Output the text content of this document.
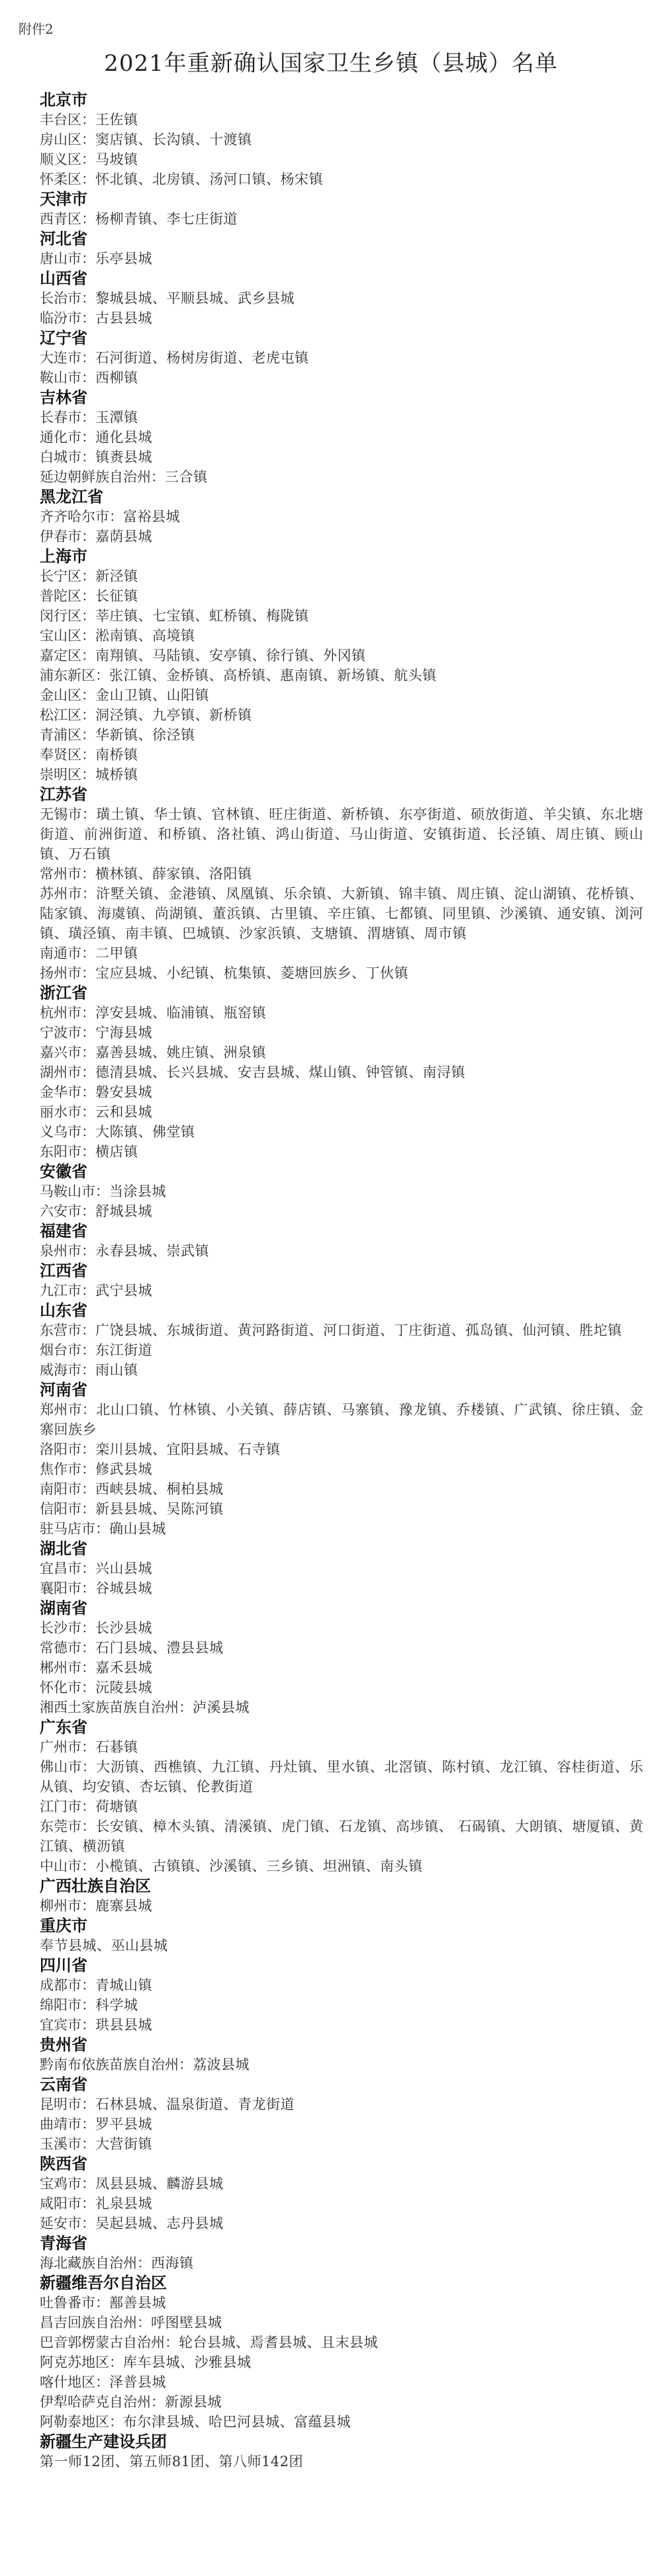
附件2
2021年重新确认国家卫生乡镇（县城）名单
北京市
丰台区： 王佐镇
房山区： 窦店镇、长沟镇、十渡镇
顺义区： 马坡镇
怀柔区： 怀北镇、北房镇、汤河口镇、杨宋镇
天津市
西青区： 杨柳青镇、李七庄街道
河北省
唐山市： 乐亭县城
山西省
长治市： 黎城县城、平顺县城、武乡县城
临汾市： 古县县城
辽宁省
大连市： 石河街道、杨树房街道、老虎屯镇
鞍山市： 西柳镇
吉林省
长春市： 玉潭镇
通化市： 通化县城
白城市： 镇赉县城
延边朝鲜族自治州： 三合镇
黑龙江省
齐齐哈尔市： 富裕县城
伊春市： 嘉荫县城
上海市
长宁区： 新泾镇
普陀区： 长征镇
闵行区： 莘庄镇、七宝镇、虹桥镇、梅陇镇
宝山区： 淞南镇、高境镇
嘉定区： 南翔镇、马陆镇、安亭镇、徐行镇、外冈镇
浦东新区： 张江镇、金桥镇、高桥镇、惠南镇、新场镇、航头镇
金山区： 金山卫镇、山阳镇
松江区： 洞泾镇、九亭镇、新桥镇
青浦区： 华新镇、徐泾镇
奉贤区： 南桥镇
崇明区： 城桥镇
江苏省
无锡市：璜土镇、华士镇、官林镇、旺庄街道、新桥镇、东亭街道、硕放街道、羊尖镇、东北塘街道、前洲街道、和桥镇、洛社镇、鸿山街道、马山街道、安镇街道、长泾镇、周庄镇、顾山镇、万石镇
常州市： 横林镇、薛家镇、洛阳镇
苏州市：浒墅关镇、金港镇、凤凰镇、乐余镇、大新镇、锦丰镇、周庄镇、淀山湖镇、花桥镇、陆家镇、海虞镇、尚湖镇、董浜镇、古里镇、辛庄镇、七都镇、同里镇、沙溪镇、通安镇、浏河镇、璜泾镇、南丰镇、巴城镇、沙家浜镇、支塘镇、渭塘镇、周市镇
南通市： 二甲镇
扬州市： 宝应县城、小纪镇、杭集镇、菱塘回族乡、丁伙镇
浙江省
杭州市： 淳安县城、临浦镇、瓶窑镇
宁波市： 宁海县城
嘉兴市： 嘉善县城、姚庄镇、洲泉镇
湖州市： 德清县城、长兴县城、安吉县城、煤山镇、钟管镇、南浔镇
金华市： 磐安县城
丽水市： 云和县城
义乌市： 大陈镇、佛堂镇
东阳市： 横店镇
安徽省
马鞍山市： 当涂县城
六安市： 舒城县城
福建省
泉州市： 永春县城、崇武镇
江西省
九江市： 武宁县城
山东省
东营市： 广饶县城、东城街道、黄河路街道、河口街道、丁庄街道、孤岛镇、仙河镇、胜坨镇
烟台市： 东江街道
威海市： 雨山镇
河南省
郑州市：北山口镇、竹林镇、小关镇、薛店镇、马寨镇、豫龙镇、乔楼镇、广武镇、徐庄镇、金寨回族乡
洛阳市： 栾川县城、宜阳县城、石寺镇
焦作市： 修武县城
南阳市： 西峡县城、桐柏县城
信阳市： 新县县城、吴陈河镇
驻马店市： 确山县城
湖北省
宜昌市： 兴山县城
襄阳市： 谷城县城
湖南省
长沙市： 长沙县城
常德市： 石门县城、澧县县城
郴州市： 嘉禾县城
怀化市： 沅陵县城
湘西土家族苗族自治州： 泸溪县城
广东省
广州市： 石碁镇
佛山市：大沥镇、西樵镇、九江镇、丹灶镇、里水镇、北滘镇、陈村镇、龙江镇、容桂街道、乐从镇、均安镇、杏坛镇、伦教街道
江门市： 荷塘镇
东莞市：长安镇、樟木头镇、清溪镇、虎门镇、石龙镇、高埗镇、 石碣镇、大朗镇、塘厦镇、黄江镇、横沥镇
中山市： 小榄镇、古镇镇、沙溪镇、三乡镇、坦洲镇、南头镇
广西壮族自治区
柳州市： 鹿寨县城
重庆市
奉节县城、巫山县城
四川省
成都市： 青城山镇
绵阳市： 科学城
宜宾市： 珙县县城
贵州省
黔南布依族苗族自治州： 荔波县城
云南省
昆明市： 石林县城、温泉街道、青龙街道
曲靖市： 罗平县城
玉溪市： 大营街镇
陕西省
宝鸡市： 凤县县城、麟游县城
咸阳市： 礼泉县城
延安市： 吴起县城、志丹县城
青海省
海北藏族自治州： 西海镇
新疆维吾尔自治区
吐鲁番市： 鄯善县城
昌吉回族自治州： 呼图壁县城
巴音郭楞蒙古自治州： 轮台县城、焉耆县城、且末县城
阿克苏地区： 库车县城、沙雅县城
喀什地区： 泽普县城
伊犁哈萨克自治州： 新源县城
阿勒泰地区： 布尔津县城、哈巴河县城、富蕴县城
新疆生产建设兵团
第一师12团、第五师81团、第八师142团
